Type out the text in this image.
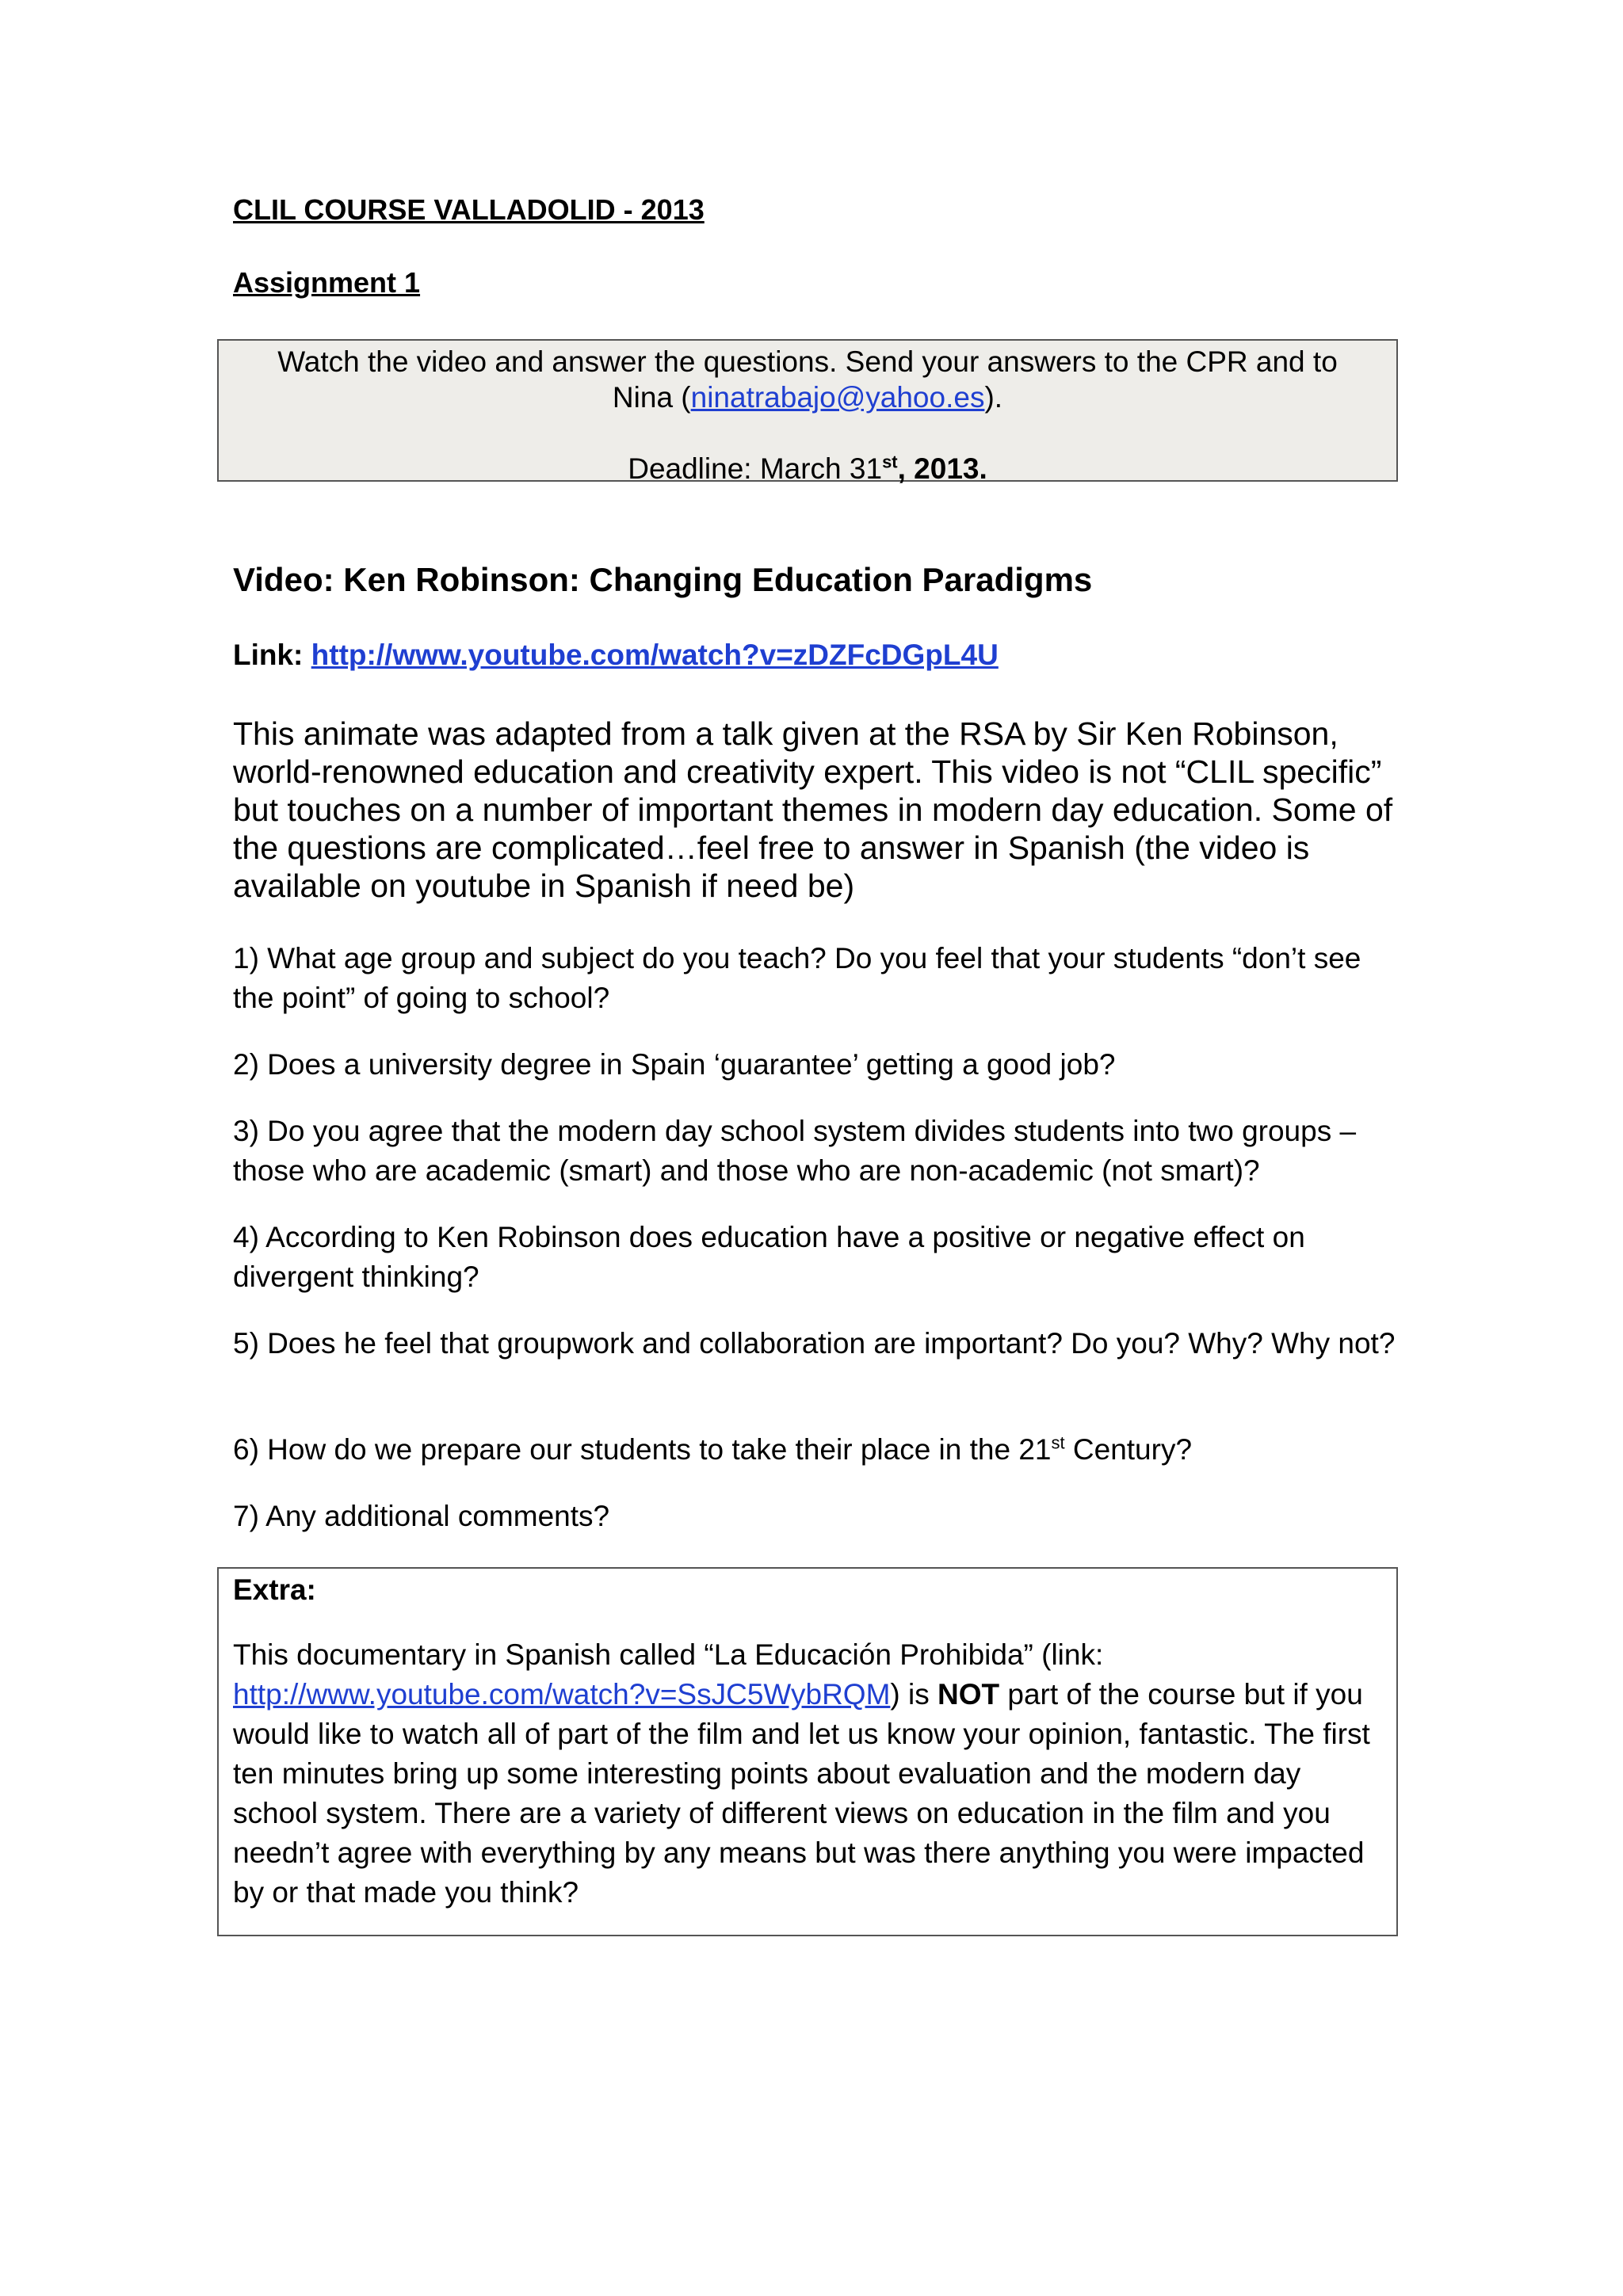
CLIL COURSE VALLADOLID - 2013
Assignment 1

Watch the video and answer the questions. Send your answers to the CPR and to

Nina (ninatrabajo@yahoo.es).

Deadline: March 31st, 2013.

Video: Ken Robinson: Changing Education Paradigms
Link: http://www.youtube.com/watch?v=zDZFcDGpL4U

This animate was adapted from a talk given at the RSA by Sir Ken Robinson, world-renowned education and creativity expert. This video is not “CLIL specific” but touches on a number of important themes in modern day education. Some of the questions are complicated…feel free to answer in Spanish (the video is available on youtube in Spanish if need be)

1) What age group and subject do you teach? Do you feel that your students “don’t see the point” of going to school?

2) Does a university degree in Spain ‘guarantee’ getting a good job?

3) Do you agree that the modern day school system divides students into two groups – those who are academic (smart) and those who are non-academic (not smart)?

4) According to Ken Robinson does education have a positive or negative effect on divergent thinking?

5) Does he feel that groupwork and collaboration are important? Do you? Why? Why not?

6) How do we prepare our students to take their place in the 21st Century?

7) Any additional comments?

Extra:

This documentary in Spanish called “La Educación Prohibida” (link: http://www.youtube.com/watch?v=SsJC5WybRQM) is NOT part of the course but if you would like to watch all of part of the film and let us know your opinion, fantastic. The first ten minutes bring up some interesting points about evaluation and the modern day school system. There are a variety of different views on education in the film and you needn’t agree with everything by any means but was there anything you were impacted by or that made you think?
